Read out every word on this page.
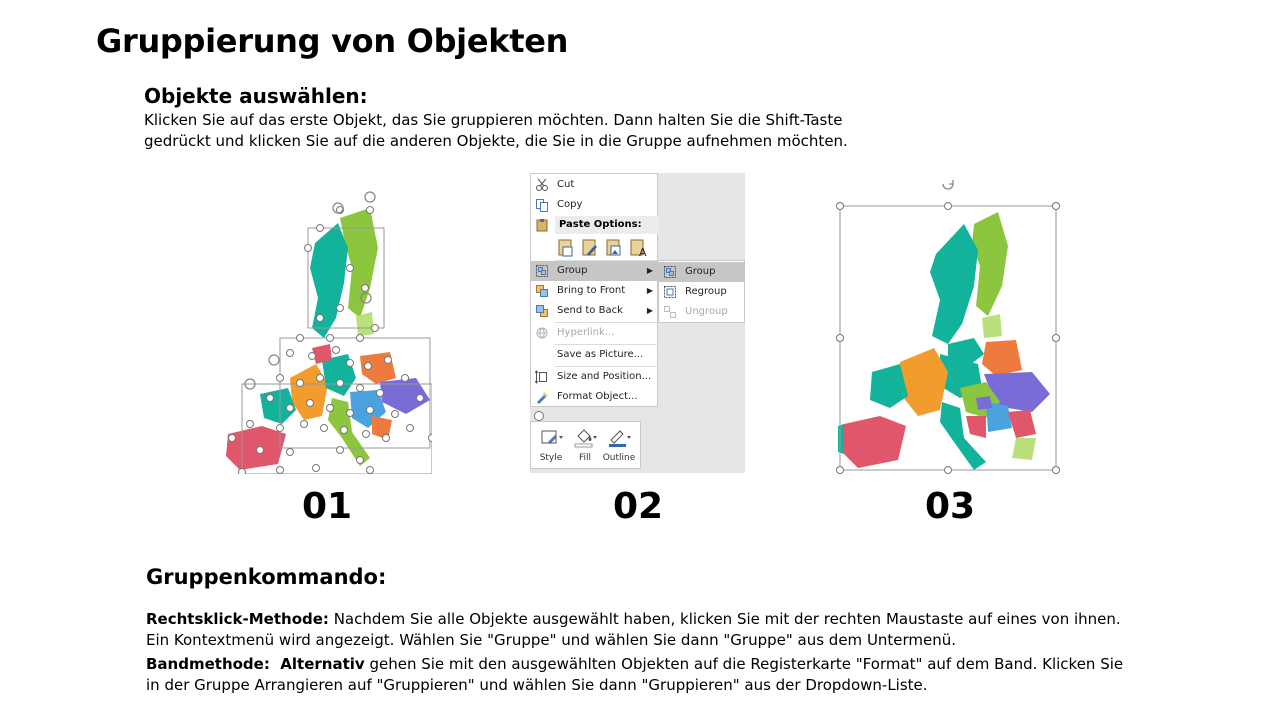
Gruppierung von Objekten
Objekte auswählen:
Klicken Sie auf das erste Objekt, das Sie gruppieren möchten. Dann halten Sie die Shift-Taste gedrückt und klicken Sie auf die anderen Objekte, die Sie in die Gruppe aufnehmen möchten.
01
Cut
Copy
Paste Options:
A
Group	▶
Bring to Front	▶
Send to Back	▶
Hyperlink...
Save as Picture...
Size and Position...
Format Object...
Group
Regroup
Ungroup
Style	Fill	Outline
02	03
Gruppenkommando:
Rechtsklick-Methode: Nachdem Sie alle Objekte ausgewählt haben, klicken Sie mit der rechten Maustaste auf eines von ihnen. Ein Kontextmenü wird angezeigt. Wählen Sie "Gruppe" und wählen Sie dann "Gruppe" aus dem Untermenü.
Bandmethode: Alternativ gehen Sie mit den ausgewählten Objekten auf die Registerkarte "Format" auf dem Band. Klicken Sie in der Gruppe Arrangieren auf "Gruppieren" und wählen Sie dann "Gruppieren" aus der Dropdown-Liste.
